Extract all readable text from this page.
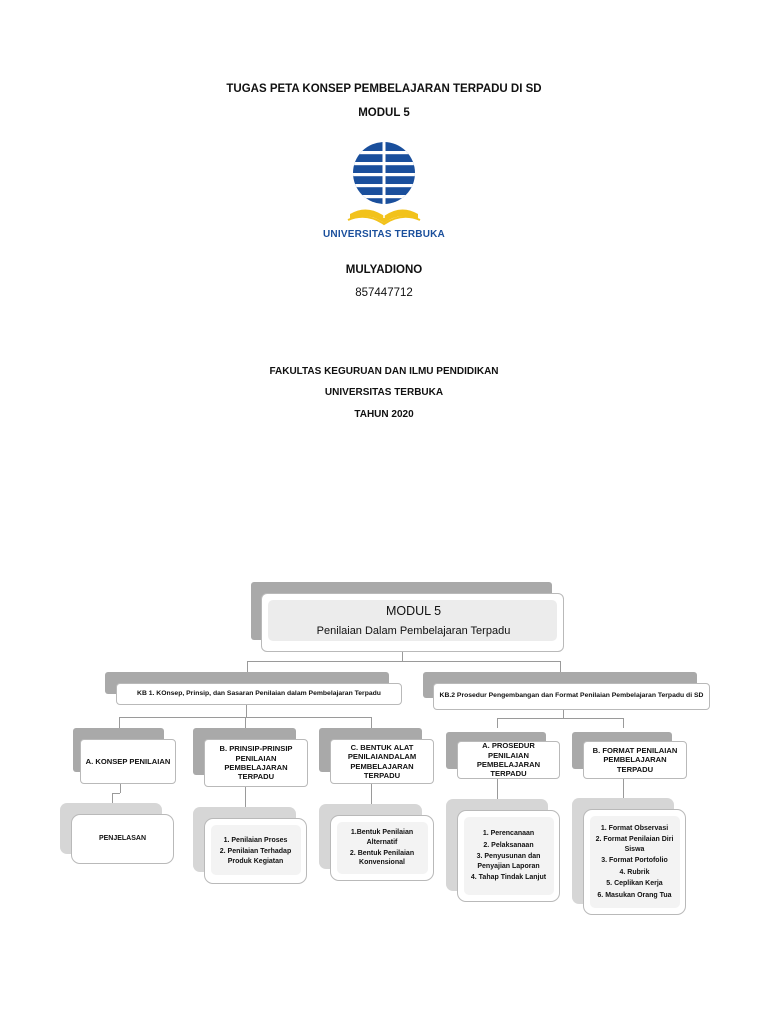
TUGAS PETA KONSEP PEMBELAJARAN TERPADU DI SD
MODUL 5
UNIVERSITAS TERBUKA
MULYADIONO
857447712
FAKULTAS KEGURUAN DAN ILMU PENDIDIKAN
UNIVERSITAS TERBUKA
TAHUN 2020
MODUL 5
Penilaian Dalam Pembelajaran Terpadu
KB 1. KOnsep, Prinsip, dan Sasaran Penilaian dalam Pembelajaran Terpadu	KB.2 Prosedur Pengembangan dan Format Penilaian Pembelajaran Terpadu di SD
A. KONSEP PENILAIAN
B. PRINSIP-PRINSIP PENILAIAN PEMBELAJARAN TERPADU
C. BENTUK ALAT PENILAIANDALAM PEMBELAJARAN TERPADU
A. PROSEDUR PENILAIAN PEMBELAJARAN TERPADU
B. FORMAT PENILAIAN PEMBELAJARAN TERPADU
PENJELASAN	1. Penilaian Proses
2. Penilaian Terhadap Produk Kegiatan
1.Bentuk Penilaian Alternatif
2. Bentuk Penilaian Konvensional
1. Perencanaan
2. Pelaksanaan
3. Penyusunan dan Penyajian Laporan
4. Tahap Tindak Lanjut
1. Format Observasi
2. Format Penilaian Diri Siswa
3. Format Portofolio
4. Rubrik
5. Ceplikan Kerja
6. Masukan Orang Tua
